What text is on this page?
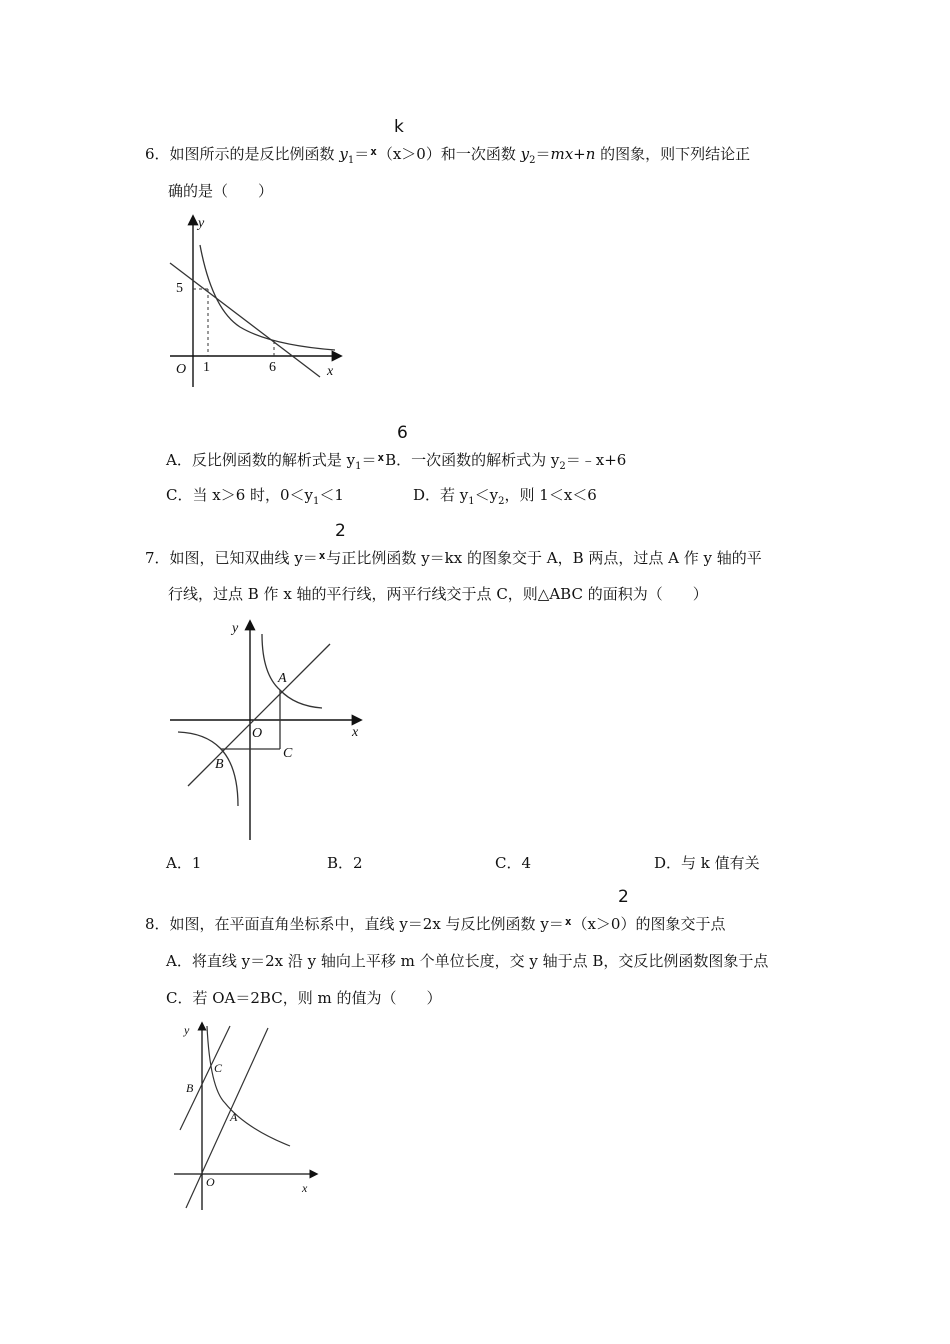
k
6．如图所示的是反比例函数 $y_1=x(x>0)$和一次函数 $y_2=mx+n$ 的图象，则下列结论正
确的是（　　）
y
x
O
5
1	6
6
A．反比例函数的解析式是 $y_1=xB$．一次函数的解析式为 $y_2=﹣x+6$
C．当 x＞6 时，$0<y_1<1$	D．若 $y_1<y_2$，则 1＜x＜6
2
7．如图，已知双曲线 y＝x与正比例函数 y＝kx 的图象交于 A，B 两点，过点 A 作 y 轴的平
行线，过点 B 作 x 轴的平行线，两平行线交于点 C，则△ABC 的面积为（　　）
y
x
O
A
B
C
A．1	B．2	C．4	D．与 k 值有关
2
8．如图，在平面直角坐标系中，直线 y＝2x 与反比例函数 y＝x（x＞0）的图象交于点
A．将直线 y＝2x 沿 y 轴向上平移 m 个单位长度，交 y 轴于点 B，交反比例函数图象于点
C．若 OA＝2BC，则 m 的值为（　　）
y
x
O
B
C
A
